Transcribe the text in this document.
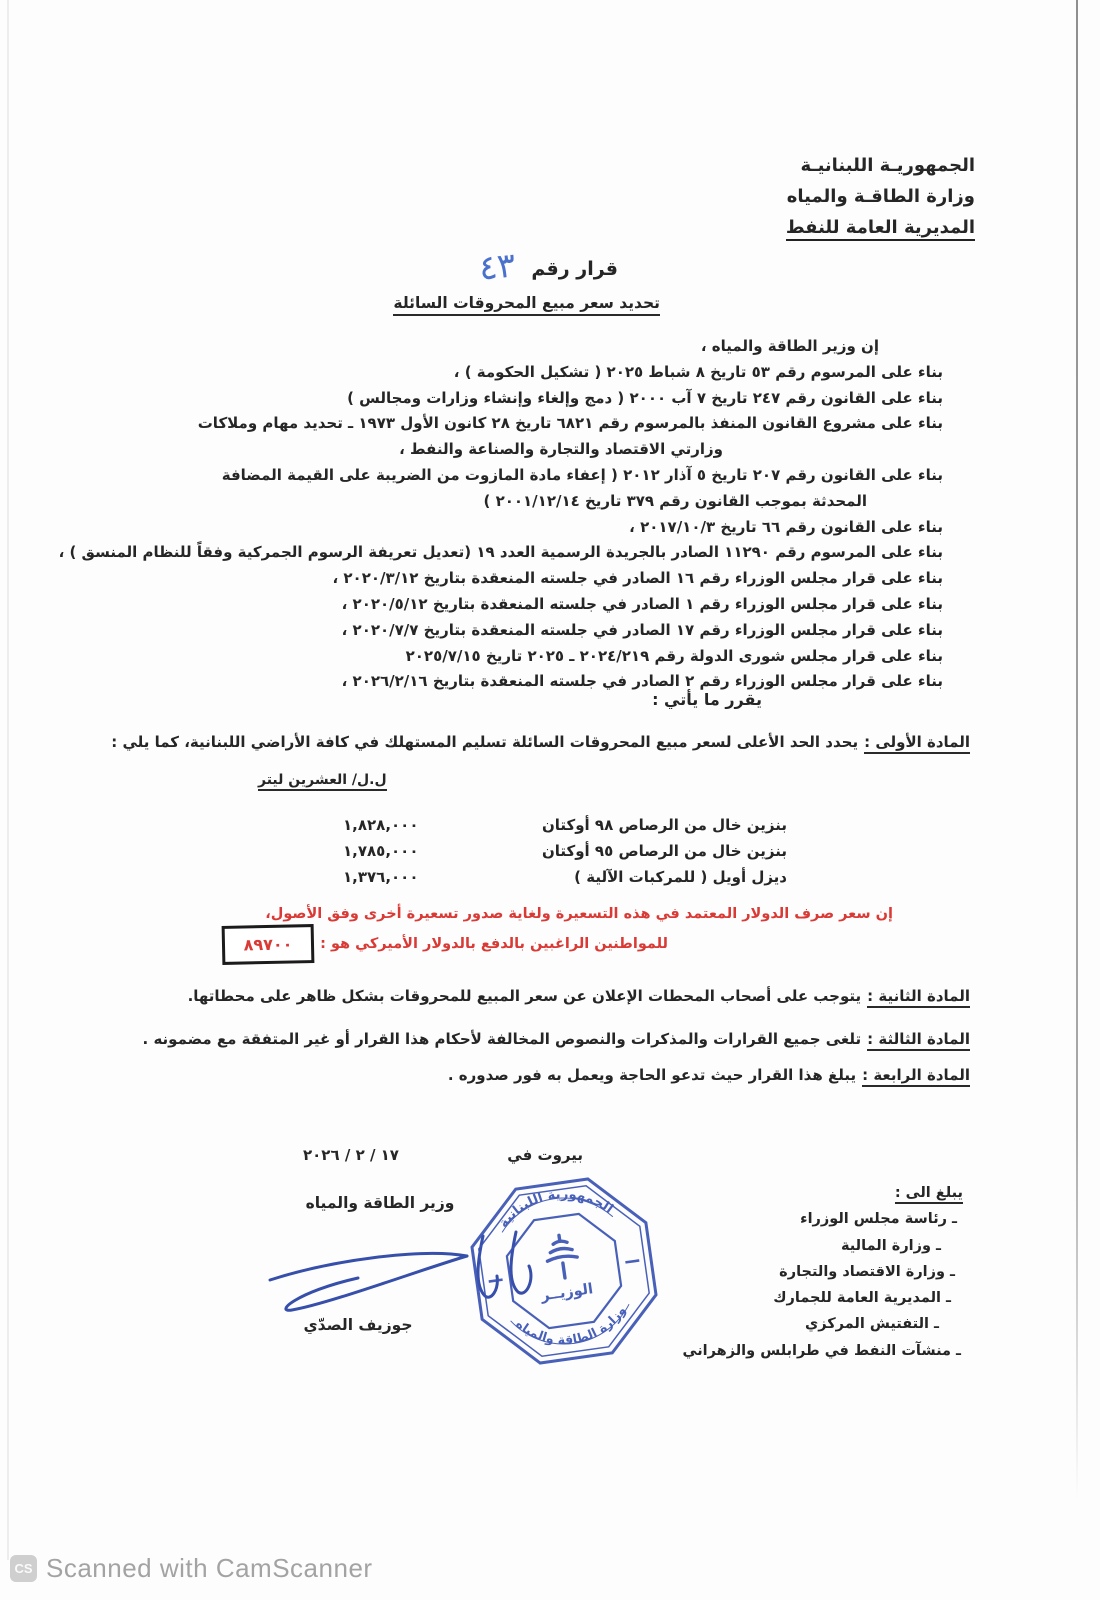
الجمهوريـة اللبنانيـة
وزارة الطاقـة والمياه
المديرية العامة للنفط
قرار رقم
٤٣
تحديد سعر مبيع المحروقات السائلة
إن وزير الطاقة والمياه ،
بناء على المرسوم رقم ٥٣ تاريخ ٨ شباط ٢٠٢٥ ( تشكيل الحكومة ) ،
بناء على القانون رقم ٢٤٧ تاريخ ٧ آب ٢٠٠٠ ( دمج وإلغاء وإنشاء وزارات ومجالس )
بناء على مشروع القانون المنفذ بالمرسوم رقم ٦٨٢١ تاريخ ٢٨ كانون الأول ١٩٧٣ ـ تحديد مهام وملاكات
وزارتي الاقتصاد والتجارة والصناعة والنفط ،
بناء على القانون رقم ٢٠٧ تاريخ ٥ آذار ٢٠١٢ ( إعفاء مادة المازوت من الضريبة على القيمة المضافة
المحدثة بموجب القانون رقم ٣٧٩ تاريخ ٢٠٠١/١٢/١٤ )
بناء على القانون رقم ٦٦ تاريخ ٢٠١٧/١٠/٣ ،
بناء على المرسوم رقم ١١٢٩٠ الصادر بالجريدة الرسمية العدد ١٩ (تعديل تعريفة الرسوم الجمركية وفقاً للنظام المنسق ) ،
بناء على قرار مجلس الوزراء رقم ١٦ الصادر في جلسته المنعقدة بتاريخ ٢٠٢٠/٣/١٢ ،
بناء على قرار مجلس الوزراء رقم ١ الصادر في جلسته المنعقدة بتاريخ ٢٠٢٠/٥/١٢ ،
بناء على قرار مجلس الوزراء رقم ١٧ الصادر في جلسته المنعقدة بتاريخ ٢٠٢٠/٧/٧ ،
بناء على قرار مجلس شورى الدولة رقم ٢٠٢٤/٢١٩ ـ ٢٠٢٥ تاريخ ٢٠٢٥/٧/١٥
بناء على قرار مجلس الوزراء رقم ٢ الصادر في جلسته المنعقدة بتاريخ ٢٠٢٦/٢/١٦ ،
يقرر ما يأتي :
المادة الأولى :يحدد الحد الأعلى لسعر مبيع المحروقات السائلة تسليم المستهلك في كافة الأراضي اللبنانية، كما يلي :
ل.ل/ العشرين ليتر
بنزين خال من الرصاص ٩٨ أوكتان
١,٨٢٨,٠٠٠
بنزين خال من الرصاص ٩٥ أوكتان
١,٧٨٥,٠٠٠
ديزل أويل ( للمركبات الآلية )
١,٣٧٦,٠٠٠
إن سعر صرف الدولار المعتمد في هذه التسعيرة ولغاية صدور تسعيرة أخرى وفق الأصول،
للمواطنين الراغبين بالدفع بالدولار الأميركي هو :
٨٩٧٠٠
المادة الثانية :يتوجب على أصحاب المحطات الإعلان عن سعر المبيع للمحروقات بشكل ظاهر على محطاتها.
المادة الثالثة :تلغى جميع القرارات والمذكرات والنصوص المخالفة لأحكام هذا القرار أو غير المتفقة مع مضمونه .
المادة الرابعة :يبلغ هذا القرار حيث تدعو الحاجة ويعمل به فور صدوره .
بيروت في
١٧ / ٢ / ٢٠٢٦
وزير الطاقة والمياه
جوزيف الصدّي
الجمهورية اللبنانية
وزارة الطاقة والمياه
الوزيــر
يبلغ الى :
ـ رئاسة مجلس الوزراء
ـ وزارة المالية
ـ وزارة الاقتصاد والتجارة
ـ المديرية العامة للجمارك
ـ التفتيش المركزي
ـ منشآت النفط في طرابلس والزهراني
CS Scanned with CamScanner
